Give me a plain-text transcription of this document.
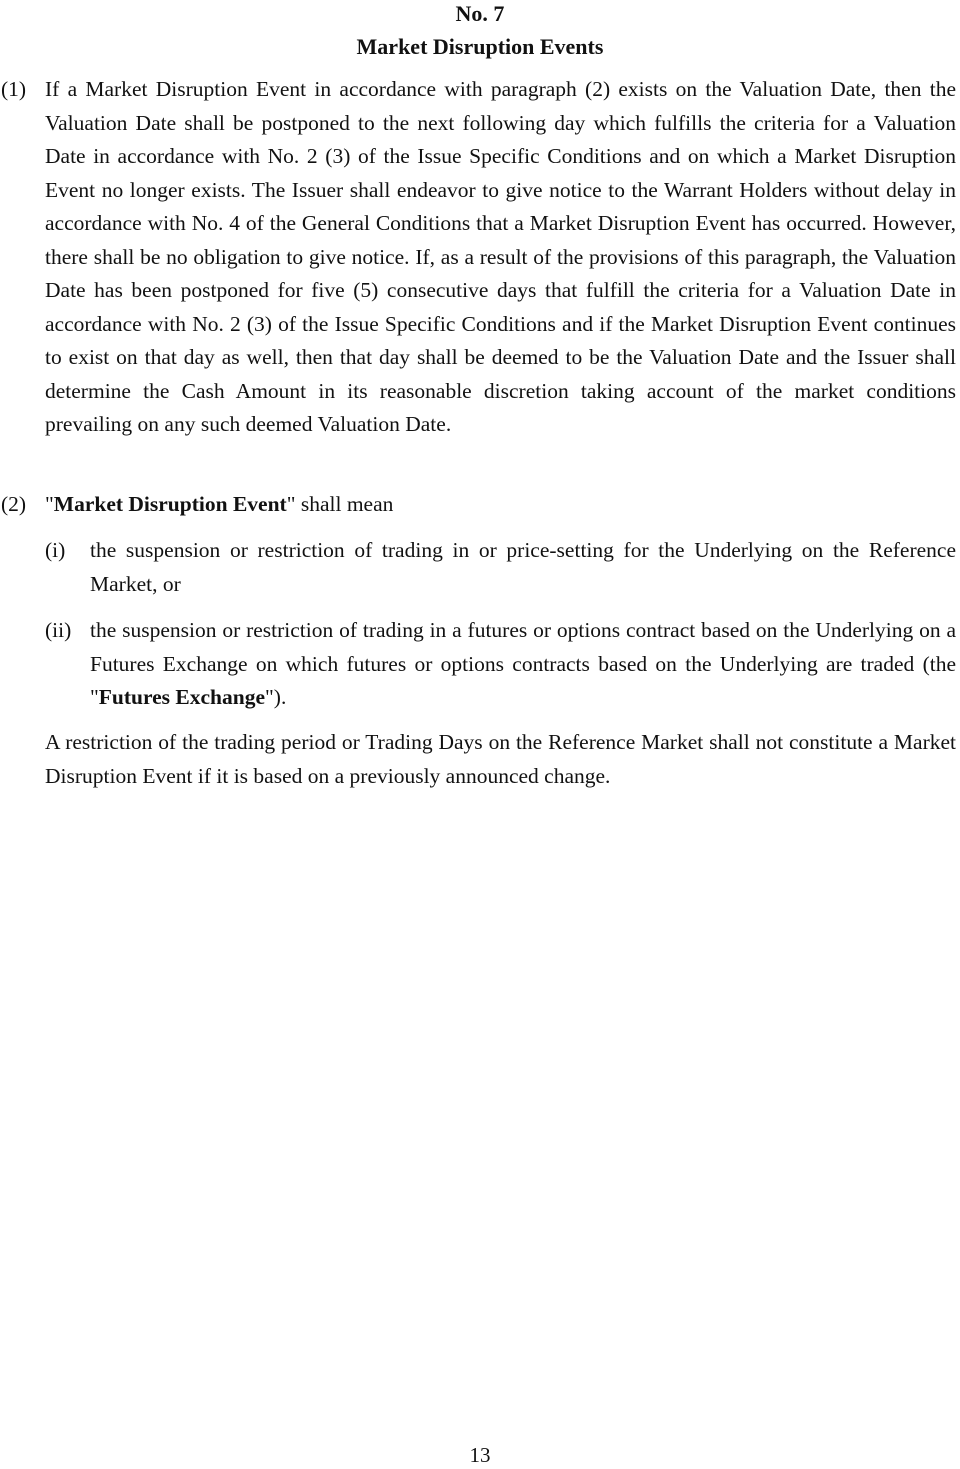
No. 7
Market Disruption Events
(1) If a Market Disruption Event in accordance with paragraph (2) exists on the Valuation Date, then the Valuation Date shall be postponed to the next following day which fulfills the criteria for a Valuation Date in accordance with No. 2 (3) of the Issue Specific Conditions and on which a Market Disruption Event no longer exists. The Issuer shall endeavor to give notice to the Warrant Holders without delay in accordance with No. 4 of the General Conditions that a Market Disruption Event has occurred. However, there shall be no obligation to give notice. If, as a result of the provisions of this paragraph, the Valuation Date has been postponed for five (5) consecutive days that fulfill the criteria for a Valuation Date in accordance with No. 2 (3) of the Issue Specific Conditions and if the Market Disruption Event continues to exist on that day as well, then that day shall be deemed to be the Valuation Date and the Issuer shall determine the Cash Amount in its reasonable discretion taking account of the market conditions prevailing on any such deemed Valuation Date.
(2) "Market Disruption Event" shall mean
(i) the suspension or restriction of trading in or price-setting for the Underlying on the Reference Market, or
(ii) the suspension or restriction of trading in a futures or options contract based on the Underlying on a Futures Exchange on which futures or options contracts based on the Underlying are traded (the "Futures Exchange").
A restriction of the trading period or Trading Days on the Reference Market shall not constitute a Market Disruption Event if it is based on a previously announced change.
13
